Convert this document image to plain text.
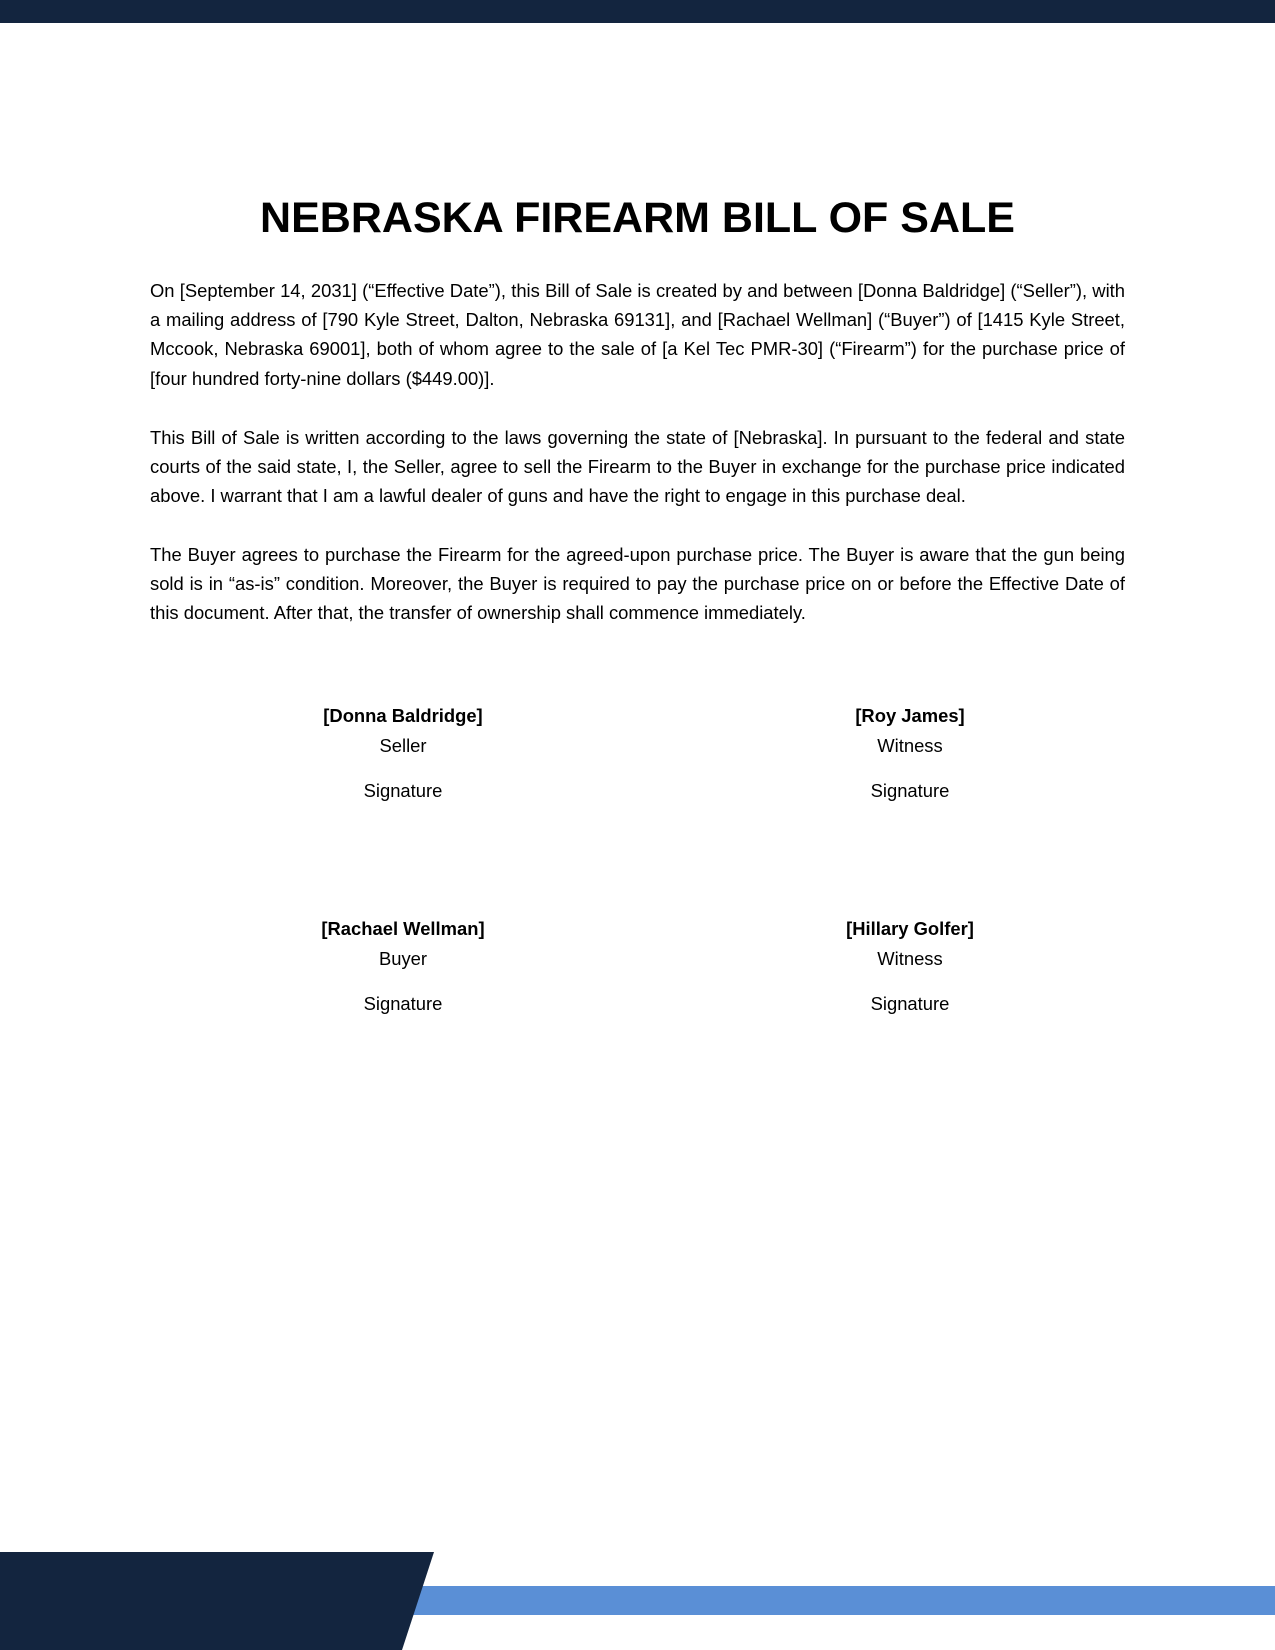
NEBRASKA FIREARM BILL OF SALE

On [September 14, 2031] (“Effective Date”), this Bill of Sale is created by and between [Donna Baldridge] (“Seller”), with a mailing address of [790 Kyle Street, Dalton, Nebraska 69131], and [Rachael Wellman] (“Buyer”) of [1415 Kyle Street, Mccook, Nebraska 69001], both of whom agree to the sale of [a Kel Tec PMR-30] (“Firearm”) for the purchase price of [four hundred forty-nine dollars ($449.00)].

This Bill of Sale is written according to the laws governing the state of [Nebraska]. In pursuant to the federal and state courts of the said state, I, the Seller, agree to sell the Firearm to the Buyer in exchange for the purchase price indicated above. I warrant that I am a lawful dealer of guns and have the right to engage in this purchase deal.

The Buyer agrees to purchase the Firearm for the agreed-upon purchase price. The Buyer is aware that the gun being sold is in “as-is” condition. Moreover, the Buyer is required to pay the purchase price on or before the Effective Date of this document. After that, the transfer of ownership shall commence immediately.

[Donna Baldridge]
Seller
Signature
[Roy James]
Witness
Signature
[Rachael Wellman]
Buyer
Signature
[Hillary Golfer]
Witness
Signature
